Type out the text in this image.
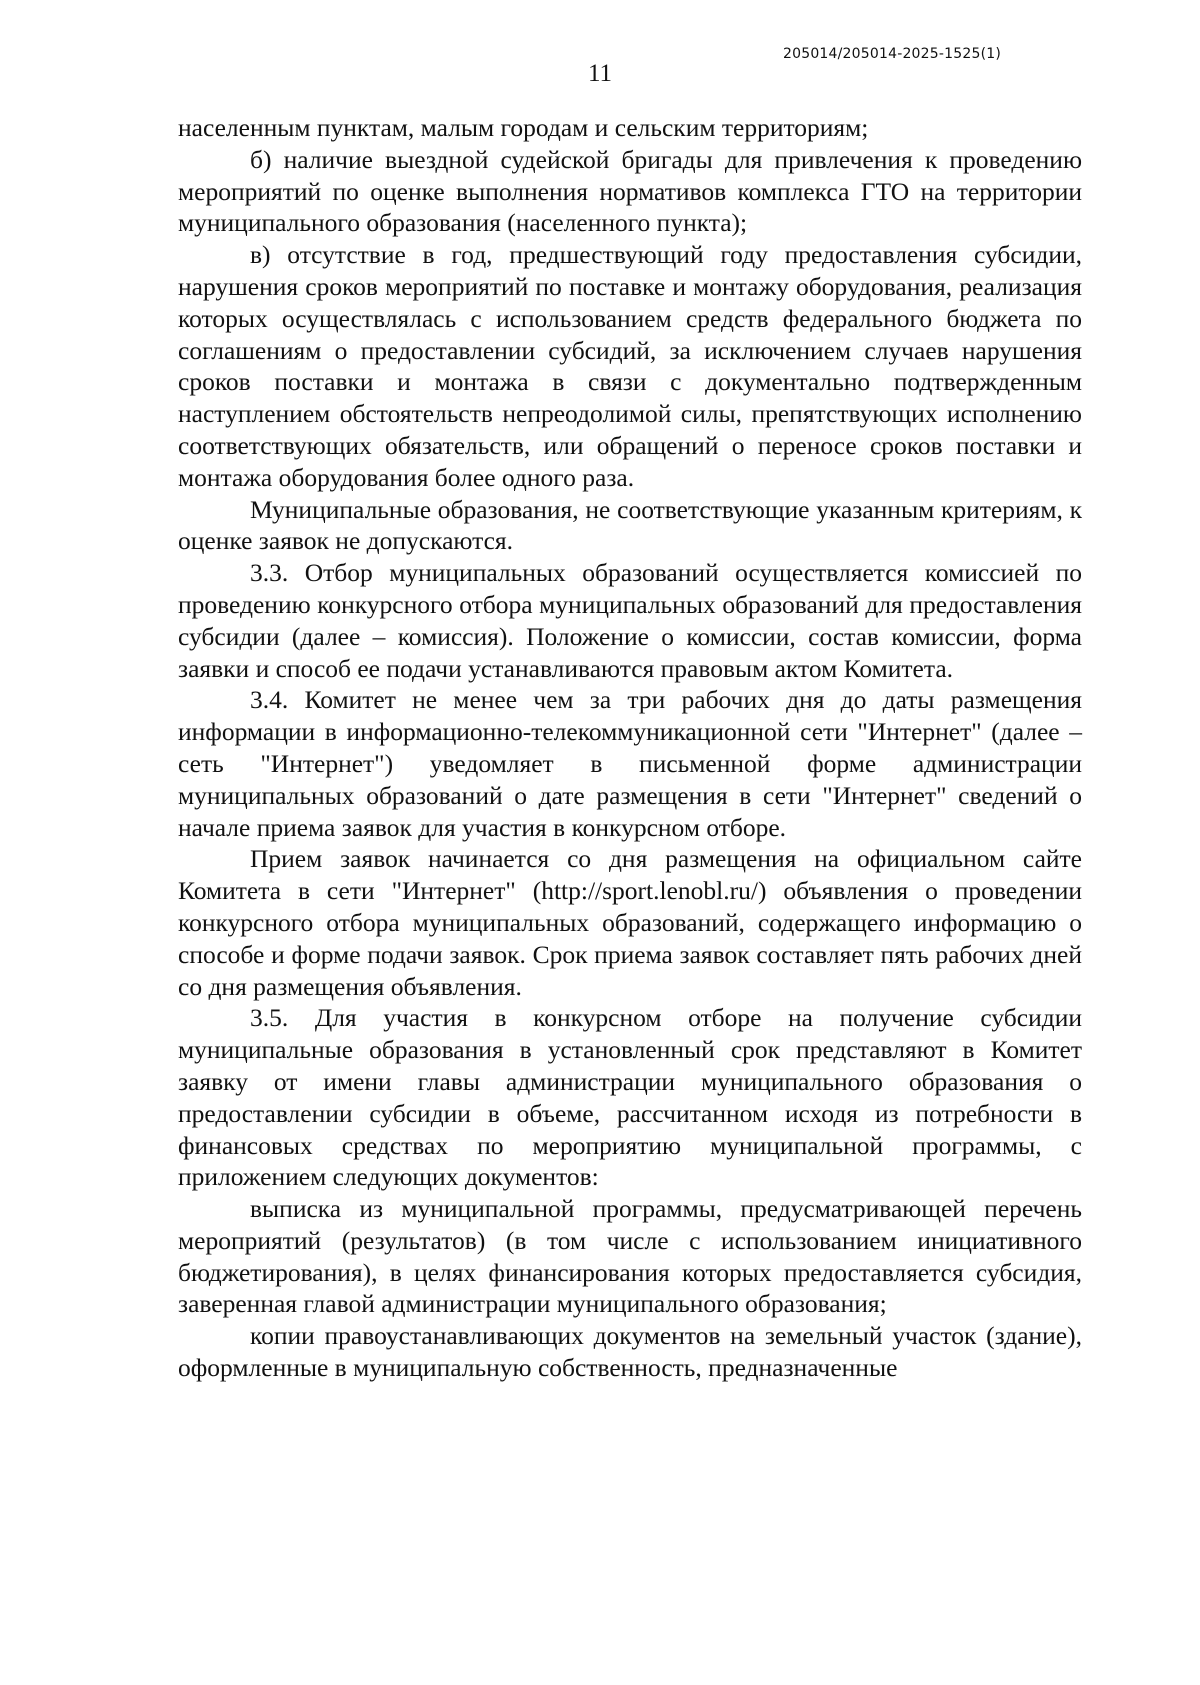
205014/205014-2025-1525(1)
11

населенным пунктам, малым городам и сельским территориям;

б) наличие выездной судейской бригады для привлечения к проведению мероприятий по оценке выполнения нормативов комплекса ГТО на территории муниципального образования (населенного пункта);

в) отсутствие в год, предшествующий году предоставления субсидии, нарушения сроков мероприятий по поставке и монтажу оборудования, реализация которых осуществлялась с использованием средств федерального бюджета по соглашениям о предоставлении субсидий, за исключением случаев нарушения сроков поставки и монтажа в связи с документально подтвержденным наступлением обстоятельств непреодолимой силы, препятствующих исполнению соответствующих обязательств, или обращений о переносе сроков поставки и монтажа оборудования более одного раза.

Муниципальные образования, не соответствующие указанным критериям, к оценке заявок не допускаются.

3.3. Отбор муниципальных образований осуществляется комиссией по проведению конкурсного отбора муниципальных образований для предоставления субсидии (далее – комиссия). Положение о комиссии, состав комиссии, форма заявки и способ ее подачи устанавливаются правовым актом Комитета.

3.4. Комитет не менее чем за три рабочих дня до даты размещения информации в информационно-телекоммуникационной сети "Интернет" (далее – сеть "Интернет") уведомляет в письменной форме администрации муниципальных образований о дате размещения в сети "Интернет" сведений о начале приема заявок для участия в конкурсном отборе.

Прием заявок начинается со дня размещения на официальном сайте Комитета в сети "Интернет" (http://sport.lenobl.ru/) объявления о проведении конкурсного отбора муниципальных образований, содержащего информацию о способе и форме подачи заявок. Срок приема заявок составляет пять рабочих дней со дня размещения объявления.

3.5. Для участия в конкурсном отборе на получение субсидии муниципальные образования в установленный срок представляют в Комитет заявку от имени главы администрации муниципального образования о предоставлении субсидии в объеме, рассчитанном исходя из потребности в финансовых средствах по мероприятию муниципальной программы, с приложением следующих документов:

выписка из муниципальной программы, предусматривающей перечень мероприятий (результатов) (в том числе с использованием инициативного бюджетирования), в целях финансирования которых предоставляется субсидия, заверенная главой администрации муниципального образования;

копии правоустанавливающих документов на земельный участок (здание), оформленные в муниципальную собственность, предназначенные
